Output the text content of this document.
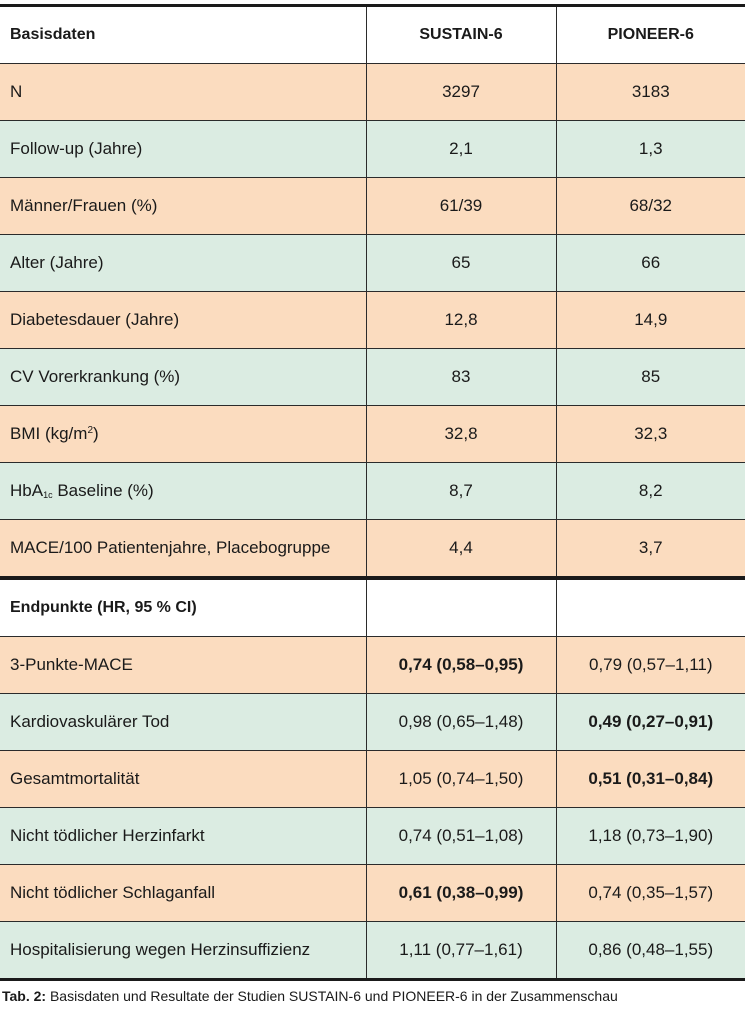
Basisdaten	SUSTAIN-6	PIONEER-6
N	3297	3183
Follow-up (Jahre)	2,1	1,3
Männer/Frauen (%)	61/39	68/32
Alter (Jahre)	65	66
Diabetesdauer (Jahre)	12,8	14,9
CV Vorerkrankung (%)	83	85
BMI $(kg/m^2)$	32,8	32,3
HbA$_{1c}$ Baseline (%)	8,7	8,2
MACE/100 Patientenjahre, Placebogruppe	4,4	3,7
Endpunkte (HR, 95 % CI)		
3-Punkte-MACE	0,74 (0,58–0,95)	0,79 (0,57–1,11)
Kardiovaskulärer Tod	0,98 (0,65–1,48)	0,49 (0,27–0,91)
Gesamtmortalität	1,05 (0,74–1,50)	0,51 (0,31–0,84)
Nicht tödlicher Herzinfarkt	0,74 (0,51–1,08)	1,18 (0,73–1,90)
Nicht tödlicher Schlaganfall	0,61 (0,38–0,99)	0,74 (0,35–1,57)
Hospitalisierung wegen Herzinsuffizienz	1,11 (0,77–1,61)	0,86 (0,48–1,55)
Tab. 2: Basisdaten und Resultate der Studien SUSTAIN-6 und PIONEER-6 in der Zusammenschau
